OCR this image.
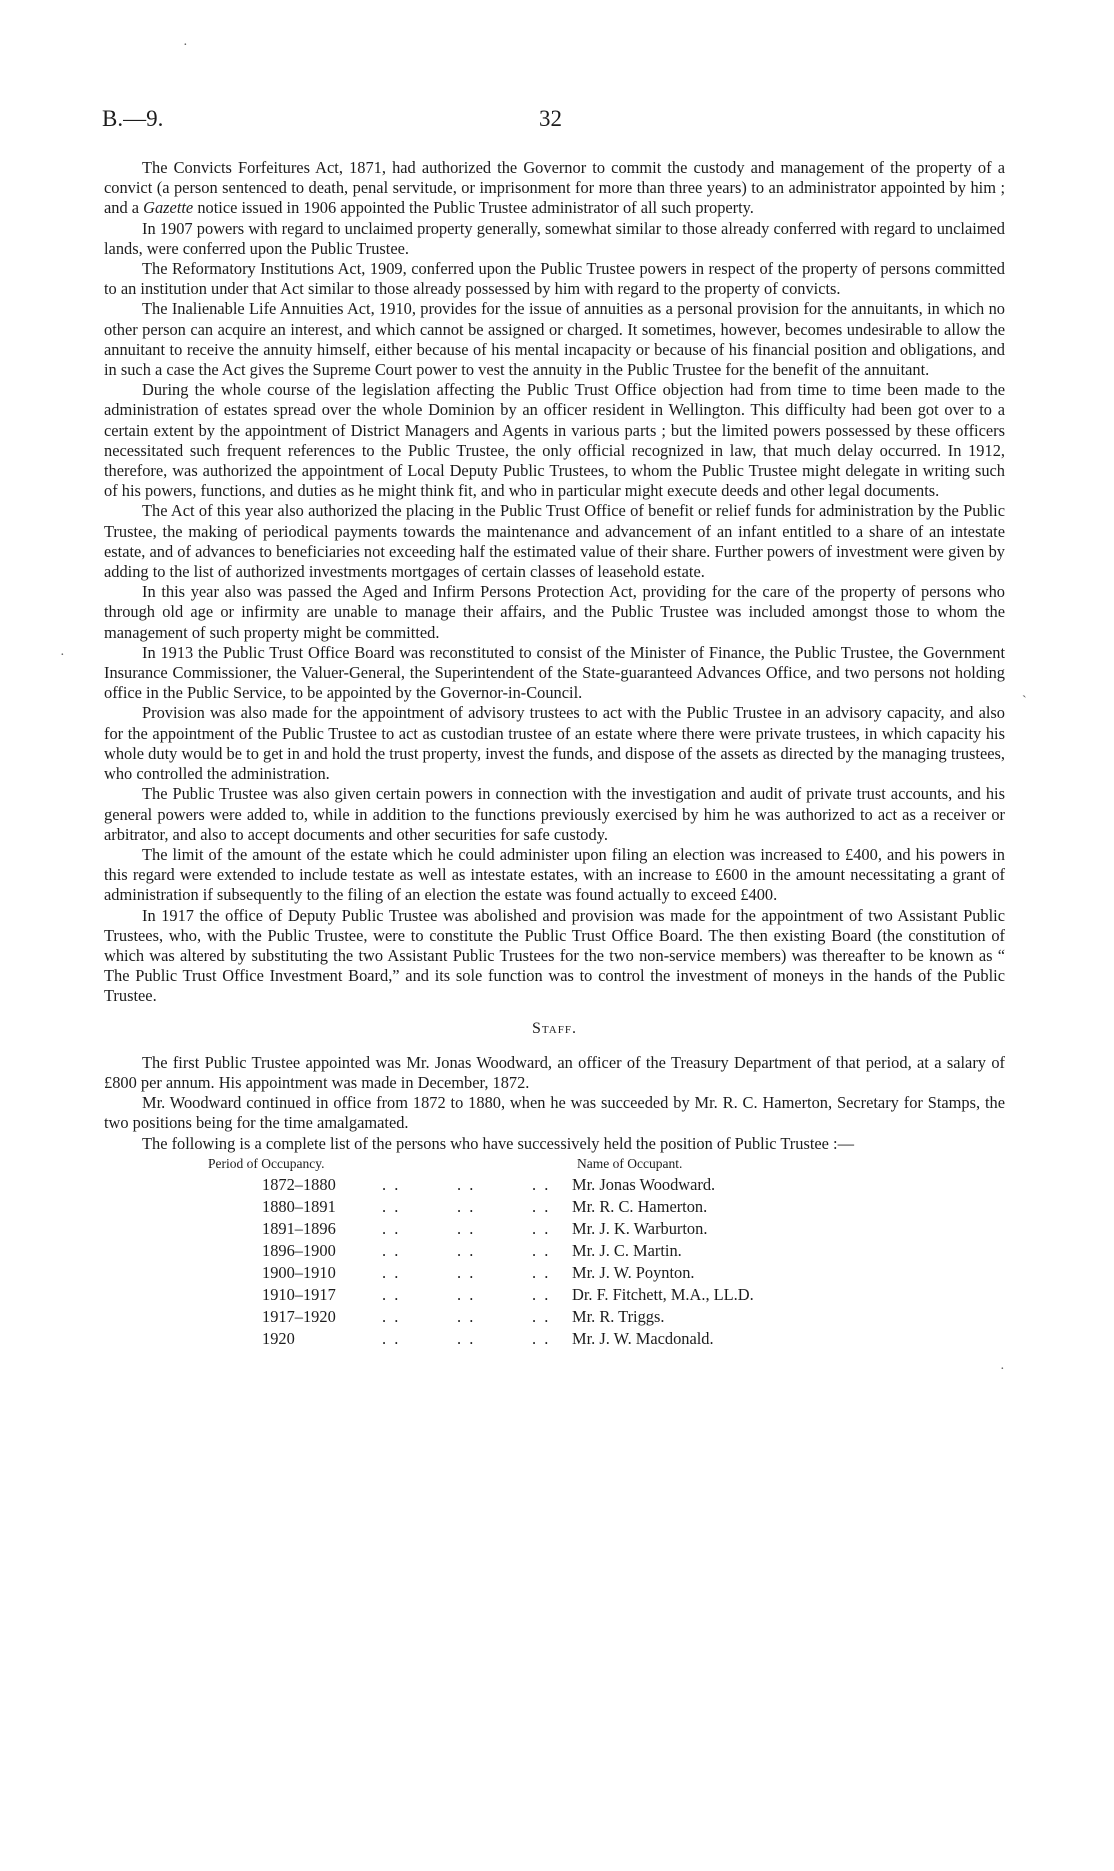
B.—9.	32

The Convicts Forfeitures Act, 1871, had authorized the Governor to commit the custody and management of the property of a convict (a person sentenced to death, penal servitude, or imprisonment for more than three years) to an administrator appointed by him ; and a Gazette notice issued in 1906 appointed the Public Trustee administrator of all such property.

In 1907 powers with regard to unclaimed property generally, somewhat similar to those already conferred with regard to unclaimed lands, were conferred upon the Public Trustee.

The Reformatory Institutions Act, 1909, conferred upon the Public Trustee powers in respect of the property of persons committed to an institution under that Act similar to those already possessed by him with regard to the property of convicts.

The Inalienable Life Annuities Act, 1910, provides for the issue of annuities as a personal provision for the annuitants, in which no other person can acquire an interest, and which cannot be assigned or charged. It sometimes, however, becomes undesirable to allow the annuitant to receive the annuity himself, either because of his mental incapacity or because of his financial position and obligations, and in such a case the Act gives the Supreme Court power to vest the annuity in the Public Trustee for the benefit of the annuitant.

During the whole course of the legislation affecting the Public Trust Office objection had from time to time been made to the administration of estates spread over the whole Dominion by an officer resident in Wellington. This difficulty had been got over to a certain extent by the appointment of District Managers and Agents in various parts ; but the limited powers possessed by these officers necessitated such frequent references to the Public Trustee, the only official recognized in law, that much delay occurred. In 1912, therefore, was authorized the appointment of Local Deputy Public Trustees, to whom the Public Trustee might delegate in writing such of his powers, functions, and duties as he might think fit, and who in particular might execute deeds and other legal documents.

The Act of this year also authorized the placing in the Public Trust Office of benefit or relief funds for administration by the Public Trustee, the making of periodical payments towards the maintenance and advancement of an infant entitled to a share of an intestate estate, and of advances to beneficiaries not exceeding half the estimated value of their share. Further powers of investment were given by adding to the list of authorized investments mortgages of certain classes of leasehold estate.

In this year also was passed the Aged and Infirm Persons Protection Act, providing for the care of the property of persons who through old age or infirmity are unable to manage their affairs, and the Public Trustee was included amongst those to whom the management of such property might be committed.

In 1913 the Public Trust Office Board was reconstituted to consist of the Minister of Finance, the Public Trustee, the Government Insurance Commissioner, the Valuer-General, the Superintendent of the State-guaranteed Advances Office, and two persons not holding office in the Public Service, to be appointed by the Governor-in-Council.

Provision was also made for the appointment of advisory trustees to act with the Public Trustee in an advisory capacity, and also for the appointment of the Public Trustee to act as custodian trustee of an estate where there were private trustees, in which capacity his whole duty would be to get in and hold the trust property, invest the funds, and dispose of the assets as directed by the managing trustees, who controlled the administration.

The Public Trustee was also given certain powers in connection with the investigation and audit of private trust accounts, and his general powers were added to, while in addition to the functions previously exercised by him he was authorized to act as a receiver or arbitrator, and also to accept documents and other securities for safe custody.

The limit of the amount of the estate which he could administer upon filing an election was increased to £400, and his powers in this regard were extended to include testate as well as intestate estates, with an increase to £600 in the amount necessitating a grant of administration if subsequently to the filing of an election the estate was found actually to exceed £400.

In 1917 the office of Deputy Public Trustee was abolished and provision was made for the appointment of two Assistant Public Trustees, who, with the Public Trustee, were to constitute the Public Trust Office Board. The then existing Board (the constitution of which was altered by substituting the two Assistant Public Trustees for the two non-service members) was thereafter to be known as “ The Public Trust Office Investment Board,” and its sole function was to control the investment of moneys in the hands of the Public Trustee.

Staff.

The first Public Trustee appointed was Mr. Jonas Woodward, an officer of the Treasury Department of that period, at a salary of £800 per annum. His appointment was made in December, 1872.

Mr. Woodward continued in office from 1872 to 1880, when he was succeeded by Mr. R. C. Hamerton, Secretary for Stamps, the two positions being for the time amalgamated.

The following is a complete list of the persons who have successively held the position of Public Trustee :—

Period of Occupancy.	Name of Occupant.
1872–1880	. .	. .	. .	Mr. Jonas Woodward.
1880–1891	. .	. .	. .	Mr. R. C. Hamerton.
1891–1896	. .	. .	. .	Mr. J. K. Warburton.
1896–1900	. .	. .	. .	Mr. J. C. Martin.
1900–1910	. .	. .	. .	Mr. J. W. Poynton.
1910–1917	. .	. .	. .	Dr. F. Fitchett, M.A., LL.D.
1917–1920	. .	. .	. .	Mr. R. Triggs.
1920	. .	. .	. .	Mr. J. W. Macdonald.
·
·
ˋ
·
